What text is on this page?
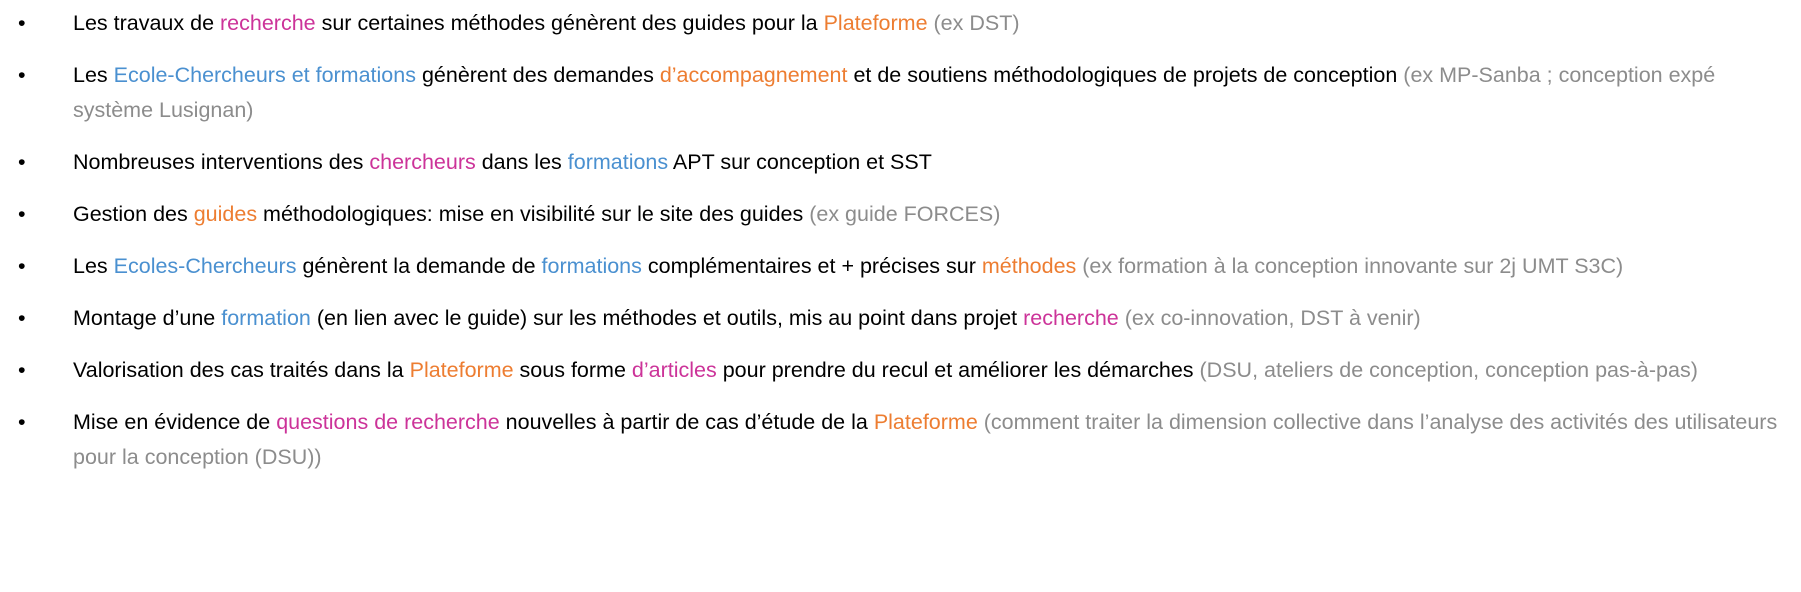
• Les travaux de recherche sur certaines méthodes génèrent des guides pour la Plateforme (ex DST)
• Les Ecole-Chercheurs et formations génèrent des demandes d’accompagnement et de soutiens méthodologiques de projets de conception (ex MP-Sanba ; conception expé système Lusignan)
• Nombreuses interventions des chercheurs dans les formations APT sur conception et SST
• Gestion des guides méthodologiques: mise en visibilité sur le site des guides (ex guide FORCES)
• Les Ecoles-Chercheurs génèrent la demande de formations complémentaires et + précises sur méthodes (ex formation à la conception innovante sur 2j UMT S3C)
• Montage d’une formation (en lien avec le guide) sur les méthodes et outils, mis au point dans projet recherche (ex co-innovation, DST à venir)
• Valorisation des cas traités dans la Plateforme sous forme d’articles pour prendre du recul et améliorer les démarches (DSU, ateliers de conception, conception pas-à-pas)
• Mise en évidence de questions de recherche nouvelles à partir de cas d’étude de la Plateforme (comment traiter la dimension collective dans l’analyse des activités des utilisateurs pour la conception (DSU))
